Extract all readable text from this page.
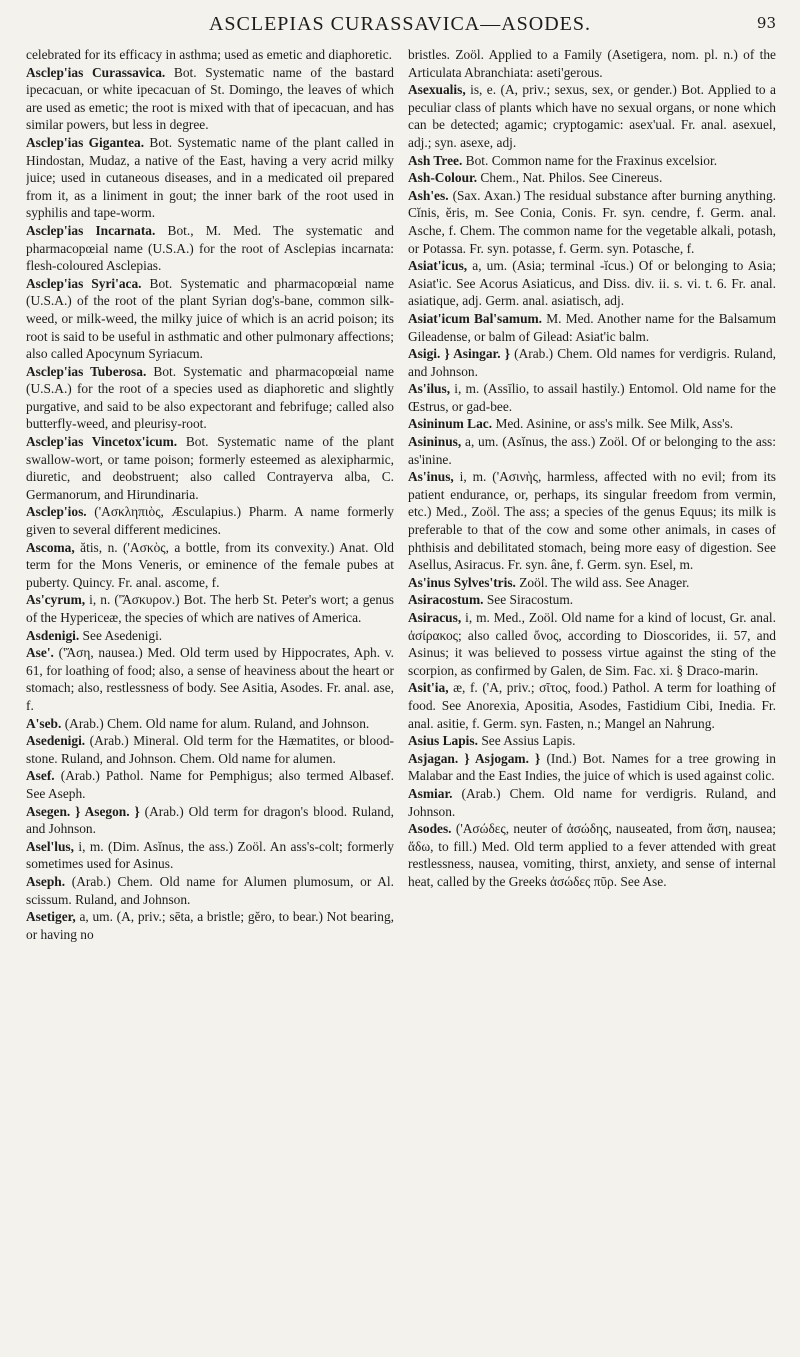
ASCLEPIAS CURASSAVICA—ASODES.	93

celebrated for its efficacy in asthma; used as emetic and diaphoretic.

Asclep'ias Curassavica. Bot. Systematic name of the bastard ipecacuan, or white ipecacuan of St. Domingo, the leaves of which are used as emetic; the root is mixed with that of ipecacuan, and has similar powers, but less in degree.

Asclep'ias Gigantea. Bot. Systematic name of the plant called in Hindostan, Mudaz, a native of the East, having a very acrid milky juice; used in cutaneous diseases, and in a medicated oil prepared from it, as a liniment in gout; the inner bark of the root used in syphilis and tape-worm.

Asclep'ias Incarnata. Bot., M. Med. The systematic and pharmacopœial name (U.S.A.) for the root of Asclepias incarnata: flesh-coloured Asclepias.

Asclep'ias Syri'aca. Bot. Systematic and pharmacopœial name (U.S.A.) of the root of the plant Syrian dog's-bane, common silk-weed, or milk-weed, the milky juice of which is an acrid poison; its root is said to be useful in asthmatic and other pulmonary affections; also called Apocynum Syriacum.

Asclep'ias Tuberosa. Bot. Systematic and pharmacopœial name (U.S.A.) for the root of a species used as diaphoretic and slightly purgative, and said to be also expectorant and febrifuge; called also butterfly-weed, and pleurisy-root.

Asclep'ias Vincetox'icum. Bot. Systematic name of the plant swallow-wort, or tame poison; formerly esteemed as alexipharmic, diuretic, and deobstruent; also called Contrayerva alba, C. Germanorum, and Hirundinaria.

Asclep'ios. ('Ασκληπιὸς, Æsculapius.) Pharm. A name formerly given to several different medicines.

Ascoma, ătis, n. ('Ασκὸς, a bottle, from its convexity.) Anat. Old term for the Mons Veneris, or eminence of the female pubes at puberty. Quincy. Fr. anal. ascome, f.

As'cyrum, i, n. ('Ἄσκυρον.) Bot. The herb St. Peter's wort; a genus of the Hypericeæ, the species of which are natives of America.

Asdenigi. See Asedenigi.

Ase'. ('Ἄση, nausea.) Med. Old term used by Hippocrates, Aph. v. 61, for loathing of food; also, a sense of heaviness about the heart or stomach; also, restlessness of body. See Asitia, Asodes. Fr. anal. ase, f.

A'seb. (Arab.) Chem. Old name for alum. Ruland, and Johnson.

Asedenigi. (Arab.) Mineral. Old term for the Hæmatites, or blood-stone. Ruland, and Johnson. Chem. Old name for alumen.

Asef. (Arab.) Pathol. Name for Pemphigus; also termed Albasef. See Aseph.

Asegen. } Asegon. } (Arab.) Old term for dragon's blood. Ruland, and Johnson.

Asel'lus, i, m. (Dim. Asĭnus, the ass.) Zoöl. An ass's-colt; formerly sometimes used for Asinus.

Aseph. (Arab.) Chem. Old name for Alumen plumosum, or Al. scissum. Ruland, and Johnson.

Asetiger, a, um. (A, priv.; sēta, a bristle; gĕro, to bear.) Not bearing, or having no

bristles. Zoöl. Applied to a Family (Asetigera, nom. pl. n.) of the Articulata Abranchiata: aseti'gerous.

Asexualis, is, e. (A, priv.; sexus, sex, or gender.) Bot. Applied to a peculiar class of plants which have no sexual organs, or none which can be detected; agamic; cryptogamic: asex'ual. Fr. anal. asexuel, adj.; syn. asexe, adj.

Ash Tree. Bot. Common name for the Fraxinus excelsior.

Ash-Colour. Chem., Nat. Philos. See Cinereus.

Ash'es. (Sax. Axan.) The residual substance after burning anything. Cĭnis, ĕris, m. See Conia, Conis. Fr. syn. cendre, f. Germ. anal. Asche, f. Chem. The common name for the vegetable alkali, potash, or Potassa. Fr. syn. potasse, f. Germ. syn. Potasche, f.

Asiat'icus, a, um. (Asia; terminal -ĭcus.) Of or belonging to Asia; Asiat'ic. See Acorus Asiaticus, and Diss. div. ii. s. vi. t. 6. Fr. anal. asiatique, adj. Germ. anal. asiatisch, adj.

Asiat'icum Bal'samum. M. Med. Another name for the Balsamum Gileadense, or balm of Gilead: Asiat'ic balm.

Asigi. } Asingar. } (Arab.) Chem. Old names for verdigris. Ruland, and Johnson.

As'ilus, i, m. (Assīlio, to assail hastily.) Entomol. Old name for the Œstrus, or gad-bee.

Asininum Lac. Med. Asinine, or ass's milk. See Milk, Ass's.

Asininus, a, um. (Asĭnus, the ass.) Zoöl. Of or belonging to the ass: as'inine.

As'inus, i, m. ('Ασινὴς, harmless, affected with no evil; from its patient endurance, or, perhaps, its singular freedom from vermin, etc.) Med., Zoöl. The ass; a species of the genus Equus; its milk is preferable to that of the cow and some other animals, in cases of phthisis and debilitated stomach, being more easy of digestion. See Asellus, Asiracus. Fr. syn. âne, f. Germ. syn. Esel, m.

As'inus Sylves'tris. Zoöl. The wild ass. See Anager.

Asiracostum. See Siracostum.

Asiracus, i, m. Med., Zoöl. Old name for a kind of locust, Gr. anal. ἀσίρακος; also called ὄνος, according to Dioscorides, ii. 57, and Asinus; it was believed to possess virtue against the sting of the scorpion, as confirmed by Galen, de Sim. Fac. xi. § Draco-marin.

Asit'ia, æ, f. ('A, priv.; σῖτος, food.) Pathol. A term for loathing of food. See Anorexia, Apositia, Asodes, Fastidium Cibi, Inedia. Fr. anal. asitie, f. Germ. syn. Fasten, n.; Mangel an Nahrung.

Asius Lapis. See Assius Lapis.

Asjagan. } Asjogam. } (Ind.) Bot. Names for a tree growing in Malabar and the East Indies, the juice of which is used against colic.

Asmiar. (Arab.) Chem. Old name for verdigris. Ruland, and Johnson.

Asodes. ('Ασώδες, neuter of ἀσώδης, nauseated, from ἄση, nausea; ἄδω, to fill.) Med. Old term applied to a fever attended with great restlessness, nausea, vomiting, thirst, anxiety, and sense of internal heat, called by the Greeks ἀσώδες πῦρ. See Ase.
